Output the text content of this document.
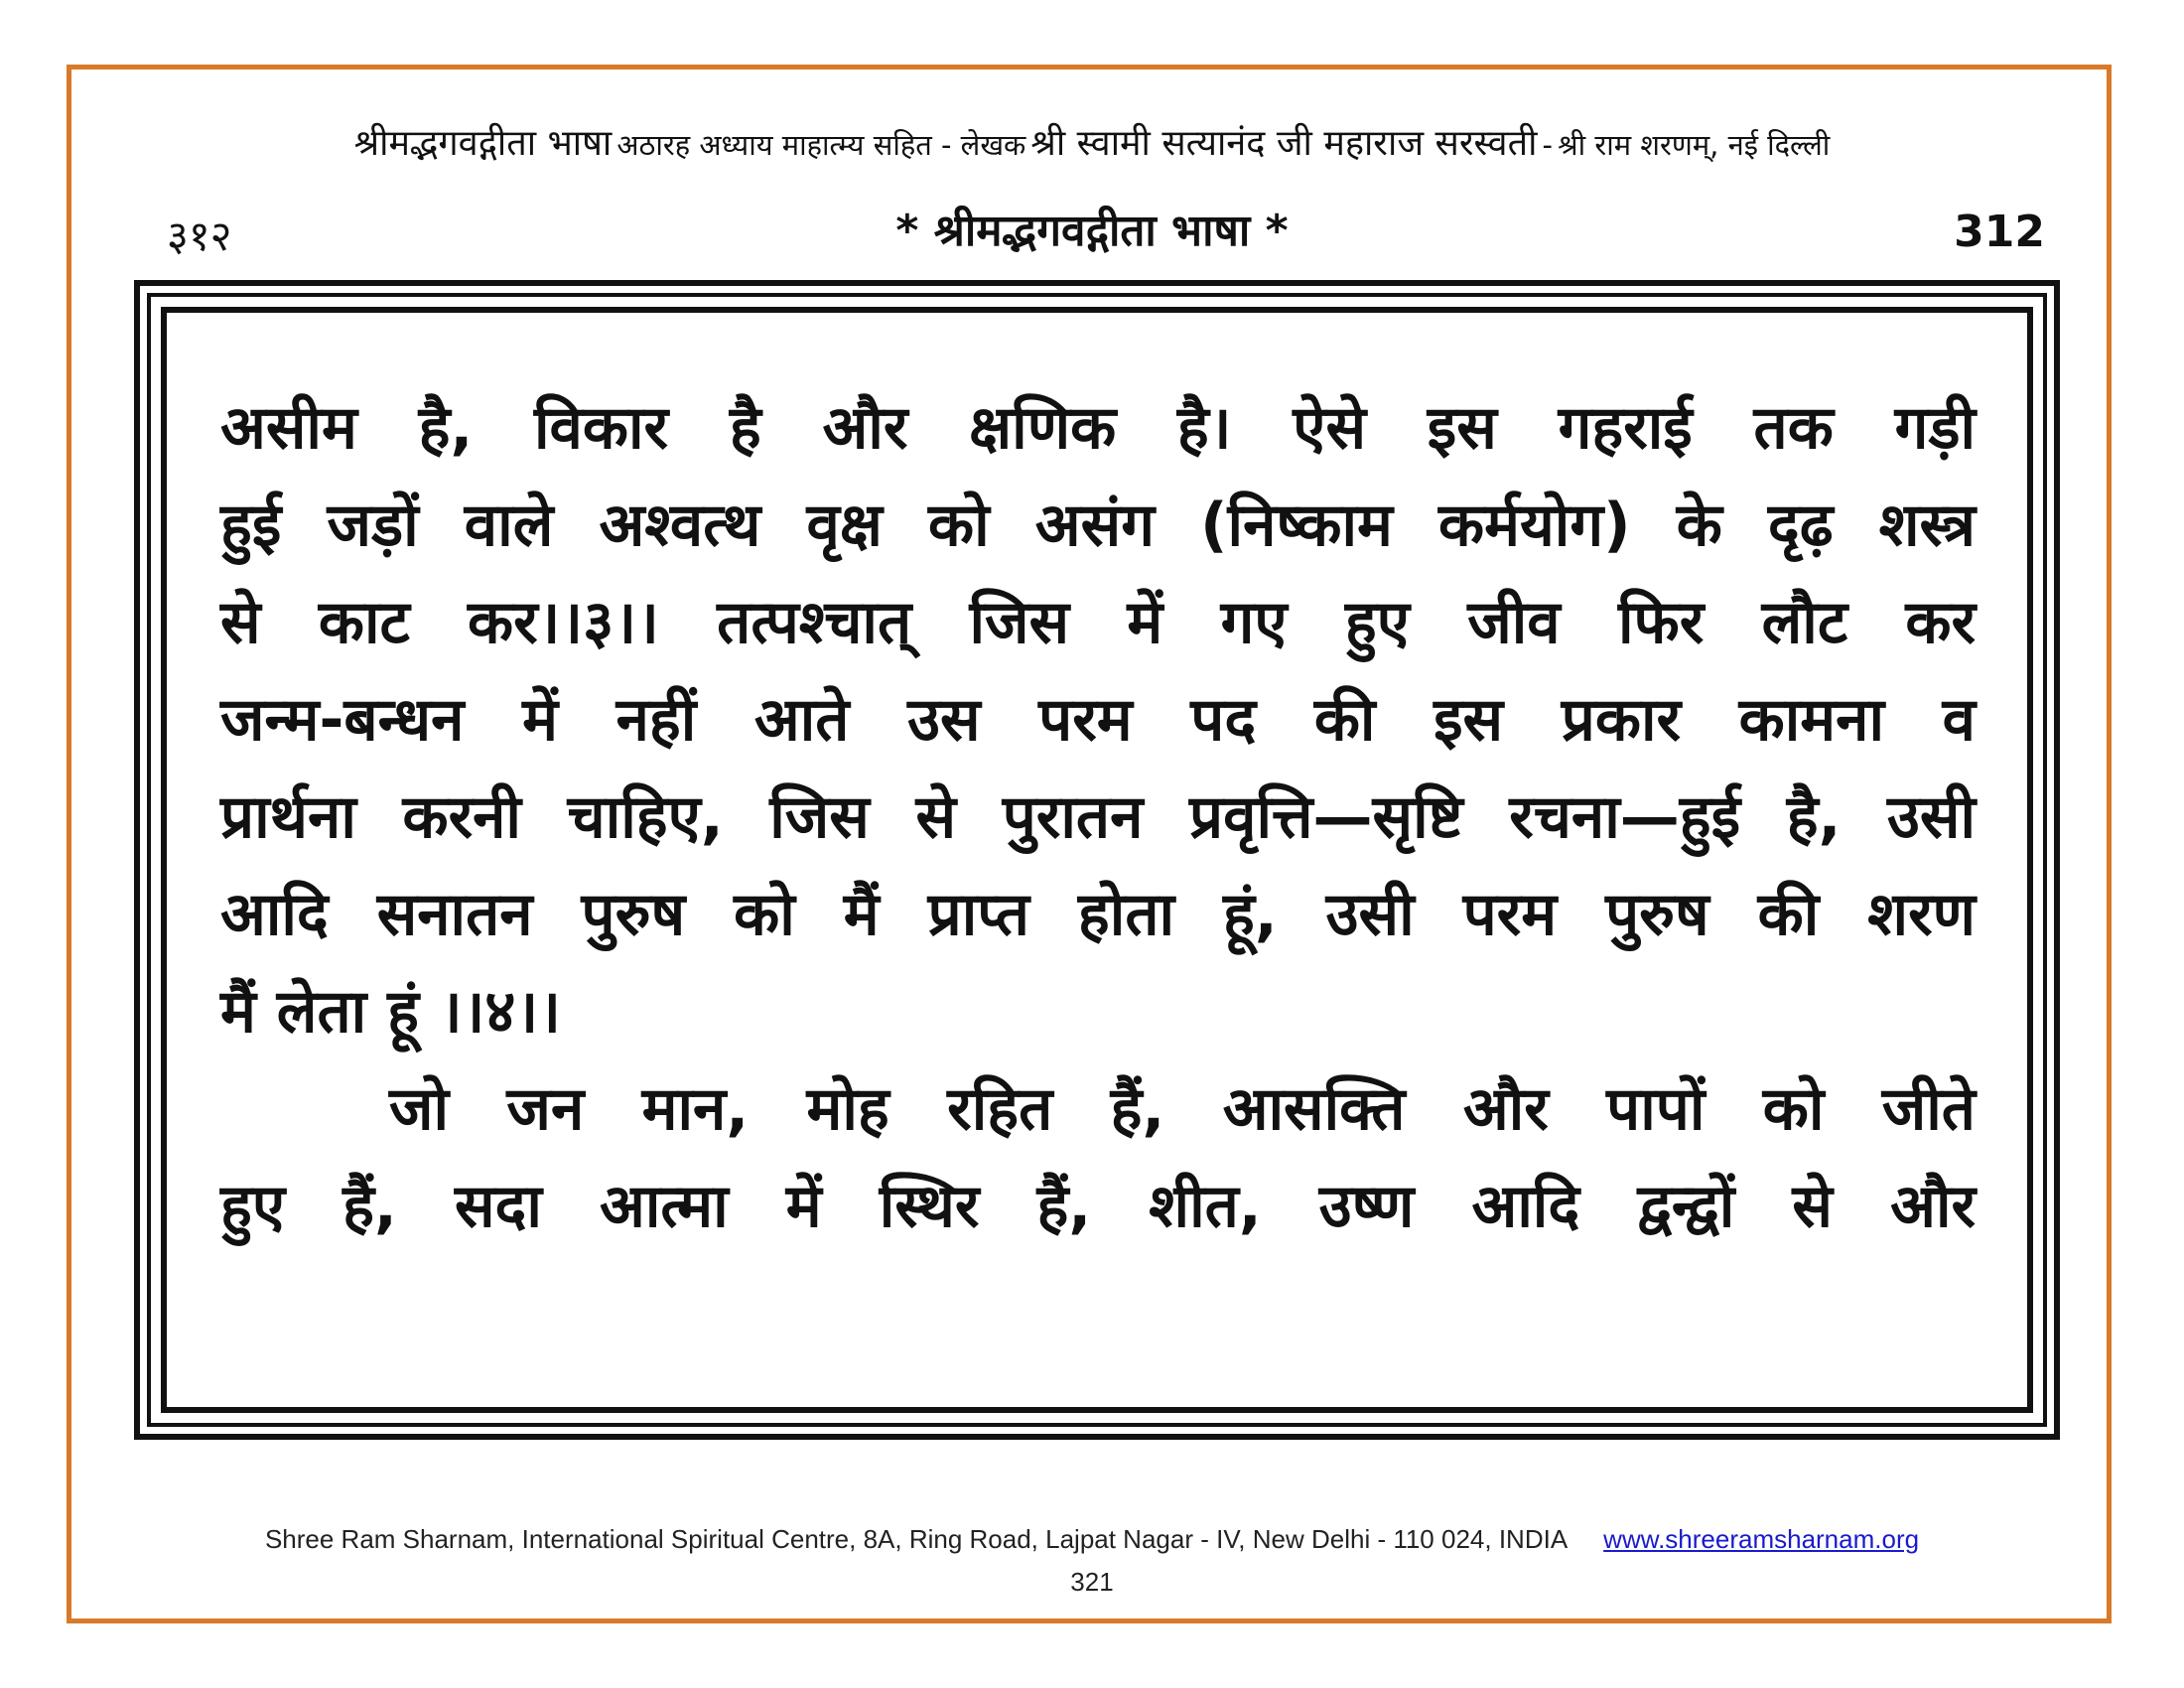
श्रीमद्भगवद्गीता भाषा अठारह अध्याय माहात्म्य सहित - लेखक श्री स्वामी सत्यानंद जी महाराज सरस्वती - श्री राम शरणम्, नई दिल्ली
३१२	* श्रीमद्भगवद्गीता भाषा *	312
असीम है, विकार है और क्षणिक है। ऐसे इस गहराई तक गड़ी
हुई जड़ों वाले अश्वत्थ वृक्ष को असंग (निष्काम कर्मयोग) के दृढ़ शस्त्र
से काट कर।।३।। तत्पश्चात् जिस में गए हुए जीव फिर लौट कर
जन्म-बन्धन में नहीं आते उस परम पद की इस प्रकार कामना व
प्रार्थना करनी चाहिए, जिस से पुरातन प्रवृत्ति—सृष्टि रचना—हुई है, उसी
आदि सनातन पुरुष को मैं प्राप्त होता हूं, उसी परम पुरुष की शरण
मैं लेता हूं ।।४।।
जो जन मान, मोह रहित हैं, आसक्ति और पापों को जीते
हुए हैं, सदा आत्मा में स्थिर हैं, शीत, उष्ण आदि द्वन्द्वों से और
Shree Ram Sharnam, International Spiritual Centre, 8A, Ring Road, Lajpat Nagar - IV, New Delhi - 110 024, INDIA www.shreeramsharnam.org
321
